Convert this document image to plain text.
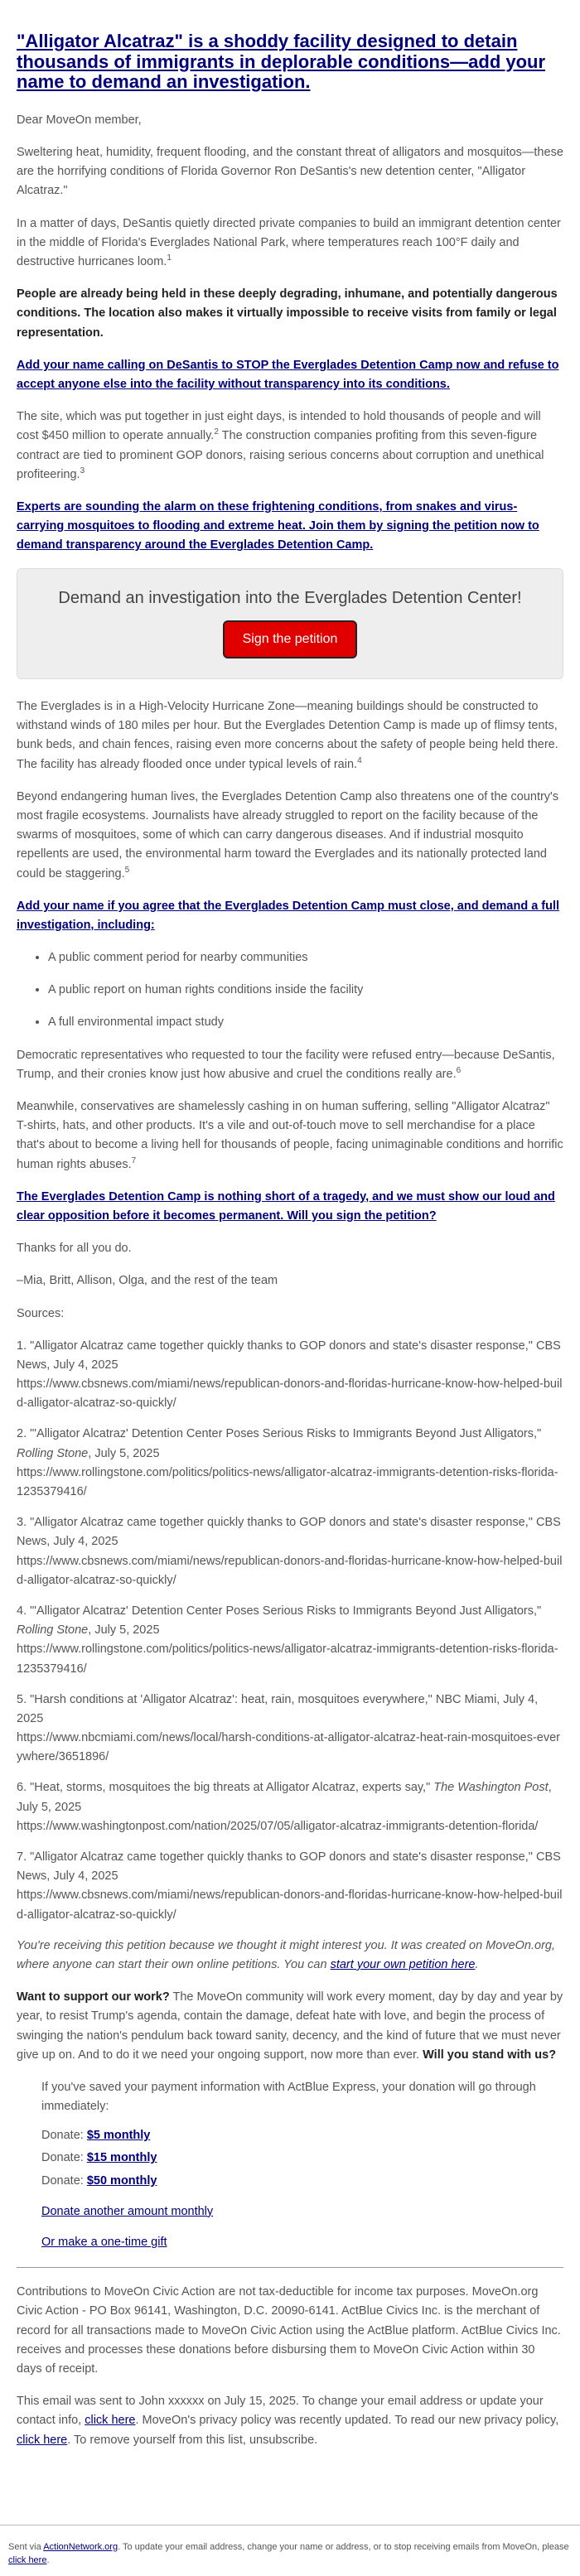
"Alligator Alcatraz" is a shoddy facility designed to detain thousands of immigrants in deplorable conditions—add your name to demand an investigation.

Dear MoveOn member,

Sweltering heat, humidity, frequent flooding, and the constant threat of alligators and mosquitos—these are the horrifying conditions of Florida Governor Ron DeSantis's new detention center, "Alligator Alcatraz."

In a matter of days, DeSantis quietly directed private companies to build an immigrant detention center in the middle of Florida's Everglades National Park, where temperatures reach 100°F daily and destructive hurricanes loom.$^1$

People are already being held in these deeply degrading, inhumane, and potentially dangerous conditions. The location also makes it virtually impossible to receive visits from family or legal representation.

Add your name calling on DeSantis to STOP the Everglades Detention Camp now and refuse to accept anyone else into the facility without transparency into its conditions.

The site, which was put together in just eight days, is intended to hold thousands of people and will cost $450 million to operate annually.$^2$ The construction companies profiting from this seven-figure contract are tied to prominent GOP donors, raising serious concerns about corruption and unethical profiteering.$^3$

Experts are sounding the alarm on these frightening conditions, from snakes and virus-carrying mosquitoes to flooding and extreme heat. Join them by signing the petition now to demand transparency around the Everglades Detention Camp.

Demand an investigation into the Everglades Detention Center!
Sign the petition

The Everglades is in a High-Velocity Hurricane Zone—meaning buildings should be constructed to withstand winds of 180 miles per hour. But the Everglades Detention Camp is made up of flimsy tents, bunk beds, and chain fences, raising even more concerns about the safety of people being held there. The facility has already flooded once under typical levels of rain.$^4$

Beyond endangering human lives, the Everglades Detention Camp also threatens one of the country's most fragile ecosystems. Journalists have already struggled to report on the facility because of the swarms of mosquitoes, some of which can carry dangerous diseases. And if industrial mosquito repellents are used, the environmental harm toward the Everglades and its nationally protected land could be staggering.$^5$

Add your name if you agree that the Everglades Detention Camp must close, and demand a full investigation, including:

• A public comment period for nearby communities
• A public report on human rights conditions inside the facility
• A full environmental impact study

Democratic representatives who requested to tour the facility were refused entry—because DeSantis, Trump, and their cronies know just how abusive and cruel the conditions really are.$^6$

Meanwhile, conservatives are shamelessly cashing in on human suffering, selling "Alligator Alcatraz" T-shirts, hats, and other products. It's a vile and out-of-touch move to sell merchandise for a place that's about to become a living hell for thousands of people, facing unimaginable conditions and horrific human rights abuses.$^7$

The Everglades Detention Camp is nothing short of a tragedy, and we must show our loud and clear opposition before it becomes permanent. Will you sign the petition?

Thanks for all you do.

–Mia, Britt, Allison, Olga, and the rest of the team

Sources:

1. "Alligator Alcatraz came together quickly thanks to GOP donors and state's disaster response," CBS News, July 4, 2025
https://www.cbsnews.com/miami/news/republican-donors-and-floridas-hurricane-know-how-helped-build-alligator-alcatraz-so-quickly/
2. "'Alligator Alcatraz' Detention Center Poses Serious Risks to Immigrants Beyond Just Alligators," Rolling Stone, July 5, 2025
https://www.rollingstone.com/politics/politics-news/alligator-alcatraz-immigrants-detention-risks-florida-1235379416/
3. "Alligator Alcatraz came together quickly thanks to GOP donors and state's disaster response," CBS News, July 4, 2025
https://www.cbsnews.com/miami/news/republican-donors-and-floridas-hurricane-know-how-helped-build-alligator-alcatraz-so-quickly/
4. "'Alligator Alcatraz' Detention Center Poses Serious Risks to Immigrants Beyond Just Alligators," Rolling Stone, July 5, 2025
https://www.rollingstone.com/politics/politics-news/alligator-alcatraz-immigrants-detention-risks-florida-1235379416/
5. "Harsh conditions at 'Alligator Alcatraz': heat, rain, mosquitoes everywhere," NBC Miami, July 4, 2025
https://www.nbcmiami.com/news/local/harsh-conditions-at-alligator-alcatraz-heat-rain-mosquitoes-everywhere/3651896/
6. "Heat, storms, mosquitoes the big threats at Alligator Alcatraz, experts say," The Washington Post, July 5, 2025
https://www.washingtonpost.com/nation/2025/07/05/alligator-alcatraz-immigrants-detention-florida/
7. "Alligator Alcatraz came together quickly thanks to GOP donors and state's disaster response," CBS News, July 4, 2025
https://www.cbsnews.com/miami/news/republican-donors-and-floridas-hurricane-know-how-helped-build-alligator-alcatraz-so-quickly/

You're receiving this petition because we thought it might interest you. It was created on MoveOn.org, where anyone can start their own online petitions. You can start your own petition here.

Want to support our work? The MoveOn community will work every moment, day by day and year by year, to resist Trump's agenda, contain the damage, defeat hate with love, and begin the process of swinging the nation's pendulum back toward sanity, decency, and the kind of future that we must never give up on. And to do it we need your ongoing support, now more than ever. Will you stand with us?

If you've saved your payment information with ActBlue Express, your donation will go through immediately:

Donate: $5 monthly

Donate: $15 monthly

Donate: $50 monthly

Donate another amount monthly

Or make a one-time gift

Contributions to MoveOn Civic Action are not tax-deductible for income tax purposes. MoveOn.org Civic Action - PO Box 96141, Washington, D.C. 20090-6141. ActBlue Civics Inc. is the merchant of record for all transactions made to MoveOn Civic Action using the ActBlue platform. ActBlue Civics Inc. receives and processes these donations before disbursing them to MoveOn Civic Action within 30 days of receipt.

This email was sent to John xxxxxx on July 15, 2025. To change your email address or update your contact info, click here. MoveOn's privacy policy was recently updated. To read our new privacy policy, click here. To remove yourself from this list, unsubscribe.

Sent via ActionNetwork.org. To update your email address, change your name or address, or to stop receiving emails from MoveOn, please click here.
